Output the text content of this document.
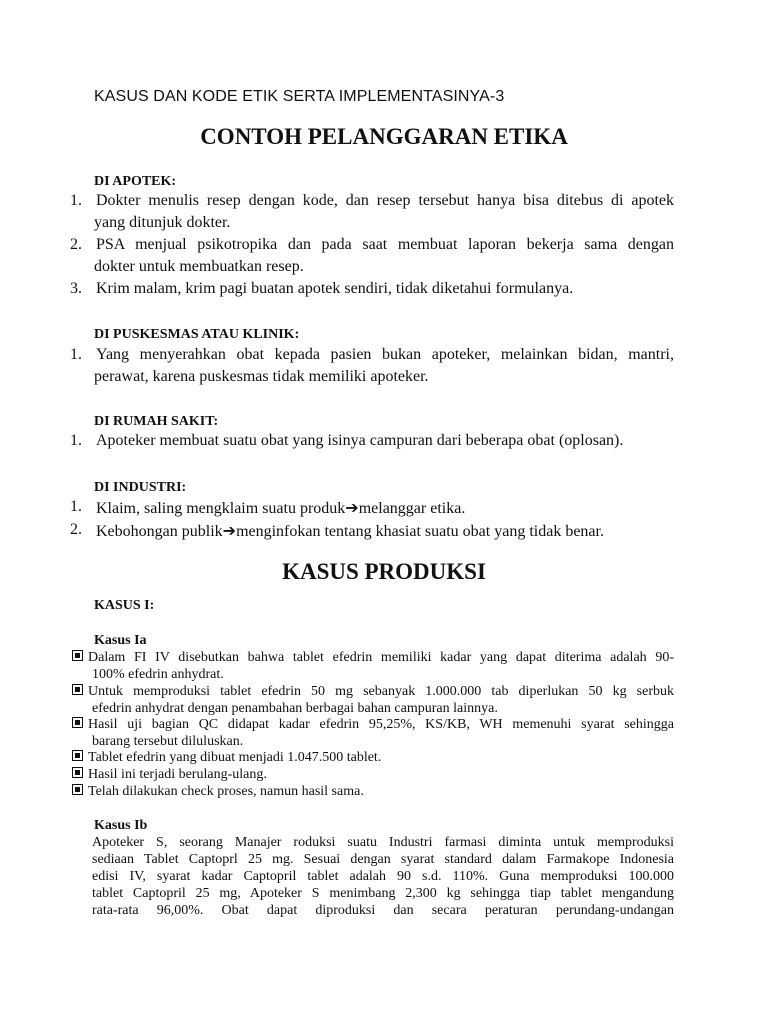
KASUS DAN KODE ETIK SERTA IMPLEMENTASINYA-3
CONTOH PELANGGARAN ETIKA
DI APOTEK:
1. Dokter menulis resep dengan kode, dan resep tersebut hanya bisa ditebus di apotek
yang ditunjuk dokter.
2. PSA menjual psikotropika dan pada saat membuat laporan bekerja sama dengan
dokter untuk membuatkan resep.
3. Krim malam, krim pagi buatan apotek sendiri, tidak diketahui formulanya.
DI PUSKESMAS ATAU KLINIK:
1. Yang menyerahkan obat kepada pasien bukan apoteker, melainkan bidan, mantri,
perawat, karena puskesmas tidak memiliki apoteker.
DI RUMAH SAKIT:
1. Apoteker membuat suatu obat yang isinya campuran dari beberapa obat (oplosan).
DI INDUSTRI:
1. Klaim, saling mengklaim suatu produk➔melanggar etika.
2. Kebohongan publik➔menginfokan tentang khasiat suatu obat yang tidak benar.
KASUS PRODUKSI
KASUS I:
Kasus Ia
Dalam FI IV disebutkan bahwa tablet efedrin memiliki kadar yang dapat diterima adalah 90-
100% efedrin anhydrat.
Untuk memproduksi tablet efedrin 50 mg sebanyak 1.000.000 tab diperlukan 50 kg serbuk
efedrin anhydrat dengan penambahan berbagai bahan campuran lainnya.
Hasil uji bagian QC didapat kadar efedrin 95,25%, KS/KB, WH memenuhi syarat sehingga
barang tersebut diluluskan.
Tablet efedrin yang dibuat menjadi 1.047.500 tablet.
Hasil ini terjadi berulang-ulang.
Telah dilakukan check proses, namun hasil sama.
Kasus Ib
Apoteker S, seorang Manajer roduksi suatu Industri farmasi diminta untuk memproduksi
sediaan Tablet Captoprl 25 mg. Sesuai dengan syarat standard dalam Farmakope Indonesia
edisi IV, syarat kadar Captopril tablet adalah 90 s.d. 110%. Guna memproduksi 100.000
tablet Captopril 25 mg, Apoteker S menimbang 2,300 kg sehingga tiap tablet mengandung
rata-rata 96,00%. Obat dapat diproduksi dan secara peraturan perundang-undangan
